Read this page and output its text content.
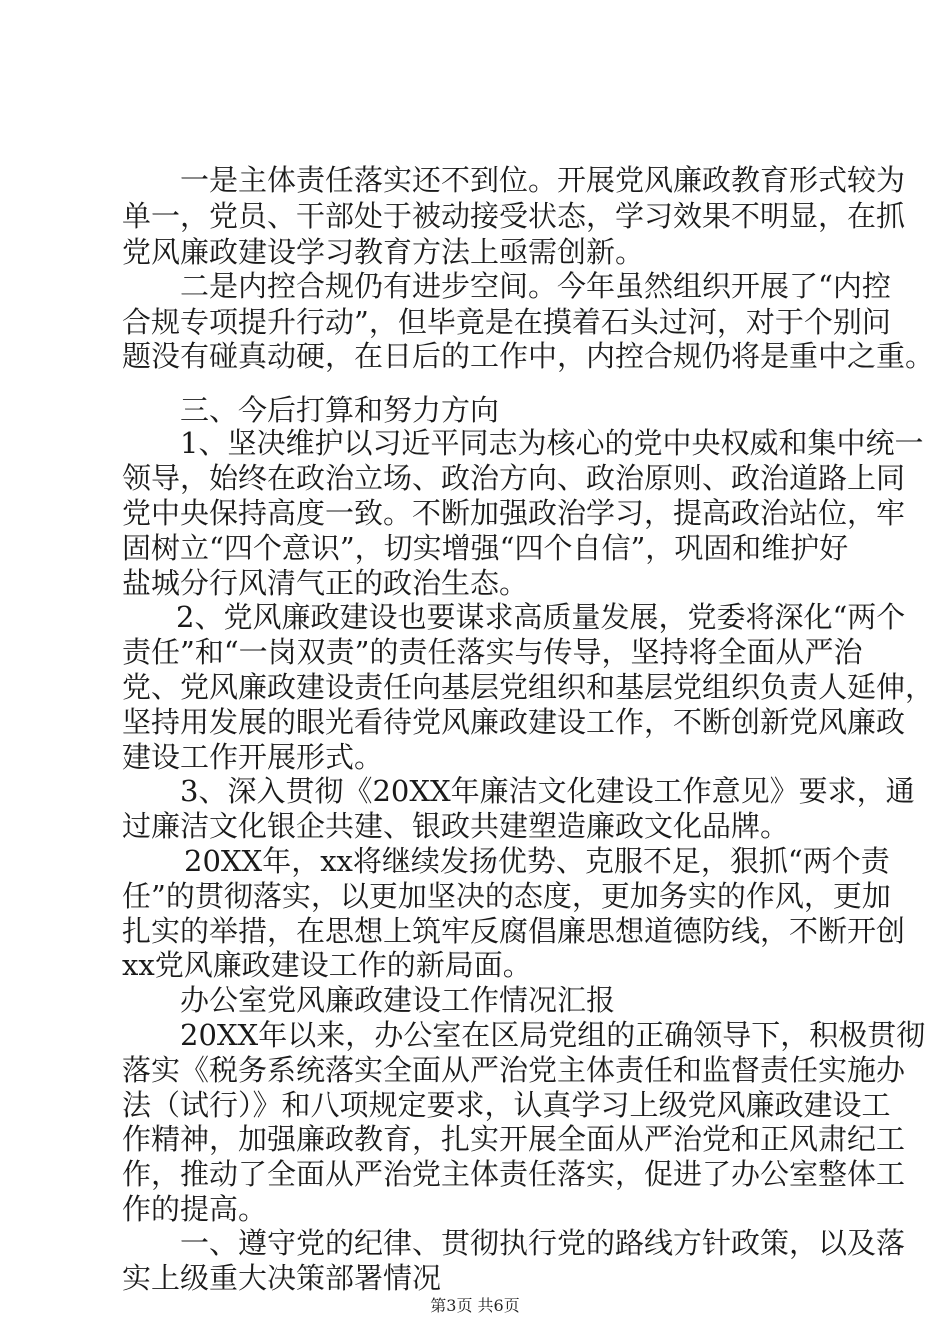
一是主体责任落实还不到位。开展党风廉政教育形式较为
单一，党员、干部处于被动接受状态，学习效果不明显，在抓
党风廉政建设学习教育方法上亟需创新。
二是内控合规仍有进步空间。今年虽然组织开展了“内控
合规专项提升行动”，但毕竟是在摸着石头过河，对于个别问
题没有碰真动硬，在日后的工作中，内控合规仍将是重中之重。
三、今后打算和努力方向
1、坚决维护以习近平同志为核心的党中央权威和集中统一
领导，始终在政治立场、政治方向、政治原则、政治道路上同
党中央保持高度一致。不断加强政治学习，提高政治站位，牢
固树立“四个意识”，切实增强“四个自信”，巩固和维护好
盐城分行风清气正的政治生态。
2、党风廉政建设也要谋求高质量发展，党委将深化“两个
责任”和“一岗双责”的责任落实与传导，坚持将全面从严治
党、党风廉政建设责任向基层党组织和基层党组织负责人延伸，
坚持用发展的眼光看待党风廉政建设工作，不断创新党风廉政
建设工作开展形式。
3、深入贯彻《20XX年廉洁文化建设工作意见》要求，通
过廉洁文化银企共建、银政共建塑造廉政文化品牌。
20XX年，xx将继续发扬优势、克服不足，狠抓“两个责
任”的贯彻落实，以更加坚决的态度，更加务实的作风，更加
扎实的举措，在思想上筑牢反腐倡廉思想道德防线，不断开创
xx党风廉政建设工作的新局面。
办公室党风廉政建设工作情况汇报
20XX年以来，办公室在区局党组的正确领导下，积极贯彻
落实《税务系统落实全面从严治党主体责任和监督责任实施办
法（试行）》和八项规定要求，认真学习上级党风廉政建设工
作精神，加强廉政教育，扎实开展全面从严治党和正风肃纪工
作，推动了全面从严治党主体责任落实，促进了办公室整体工
作的提高。
一、遵守党的纪律、贯彻执行党的路线方针政策，以及落
实上级重大决策部署情况
第3页 共6页
